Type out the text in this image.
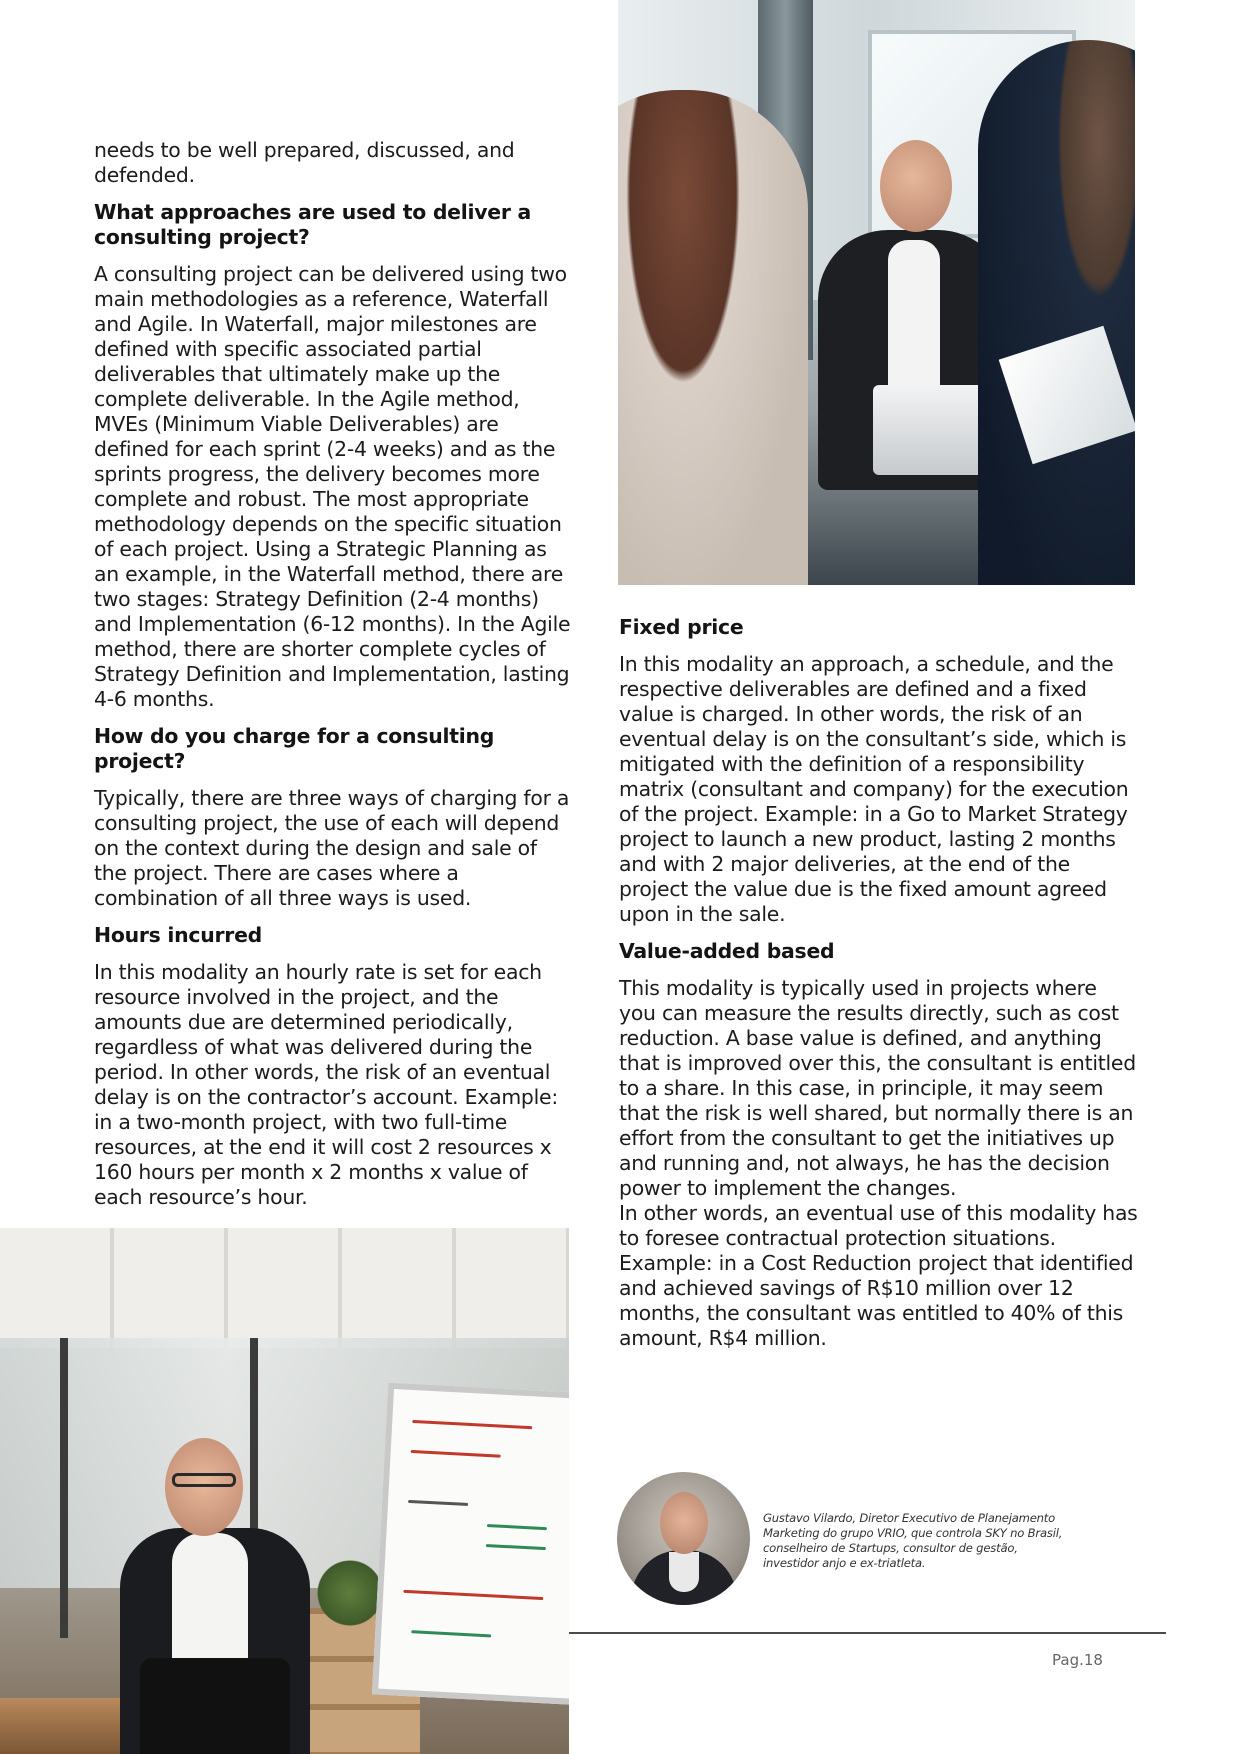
needs to be well prepared, discussed, and defended.

What approaches are used to deliver a consulting project?

A consulting project can be delivered using two main methodologies as a reference, Waterfall and Agile. In Waterfall, major milestones are defined with specific associated partial deliverables that ultimately make up the complete deliverable. In the Agile method, MVEs (Minimum Viable Deliverables) are defined for each sprint (2-4 weeks) and as the sprints progress, the delivery becomes more complete and robust. The most appropriate methodology depends on the specific situation of each project. Using a Strategic Planning as an example, in the Waterfall method, there are two stages: Strategy Definition (2-4 months) and Implementation (6-12 months). In the Agile method, there are shorter complete cycles of Strategy Definition and Implementation, lasting 4-6 months.

How do you charge for a consulting project?

Typically, there are three ways of charging for a consulting project, the use of each will depend on the context during the design and sale of the project. There are cases where a combination of all three ways is used.

Hours incurred

In this modality an hourly rate is set for each resource involved in the project, and the amounts due are determined periodically, regardless of what was delivered during the period. In other words, the risk of an eventual delay is on the contractor’s account. Example: in a two-month project, with two full-time resources, at the end it will cost 2 resources x 160 hours per month x 2 months x value of each resource’s hour.

Fixed price

In this modality an approach, a schedule, and the respective deliverables are defined and a fixed value is charged. In other words, the risk of an eventual delay is on the consultant’s side, which is mitigated with the definition of a responsibility matrix (consultant and company) for the execution of the project. Example: in a Go to Market Strategy project to launch a new product, lasting 2 months and with 2 major deliveries, at the end of the project the value due is the fixed amount agreed upon in the sale.

Value-added based

This modality is typically used in projects where you can measure the results directly, such as cost reduction. A base value is defined, and anything that is improved over this, the consultant is entitled to a share. In this case, in principle, it may seem that the risk is well shared, but normally there is an effort from the consultant to get the initiatives up and running and, not always, he has the decision power to implement the changes.

In other words, an eventual use of this modality has to foresee contractual protection situations. Example: in a Cost Reduction project that identified and achieved savings of R$10 million over 12 months, the consultant was entitled to 40% of this amount, R$4 million.

Gustavo Vilardo, Diretor Executivo de Planejamento Marketing do grupo VRIO, que controla SKY no Brasil, conselheiro de Startups, consultor de gestão, investidor anjo e ex-triatleta.

Pag.18
